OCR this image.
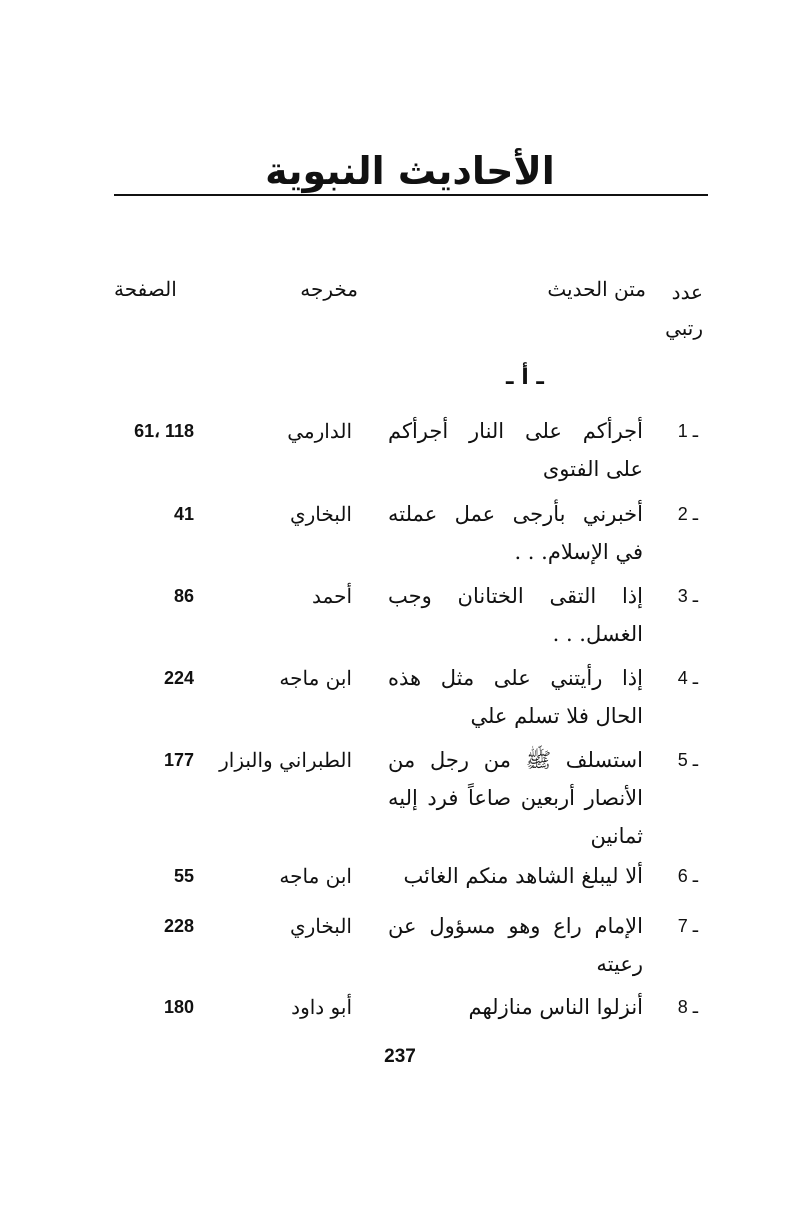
الأحاديث النبوية
عدد رتبي
متن الحديث
مخرجه
الصفحة
ـ أ ـ
1 ـ
أجرأكم على النار أجرأكم على الفتوى
الدارمي
61، 118
2 ـ
أخبرني بأرجى عمل عملته في الإسلام. . .
البخاري
41
3 ـ
إذا التقى الختانان وجب الغسل. . .
أحمد
86
4 ـ
إذا رأيتني على مثل هذه الحال فلا تسلم علي
ابن ماجه
224
5 ـ
استسلف ﷺ من رجل من الأنصار أربعين صاعاً فرد إليه ثمانين
الطبراني والبزار
177
6 ـ
ألا ليبلغ الشاهد منكم الغائب
ابن ماجه
55
7 ـ
الإمام راع وهو مسؤول عن رعيته
البخاري
228
8 ـ
أنزلوا الناس منازلهم
أبو داود
180
237
